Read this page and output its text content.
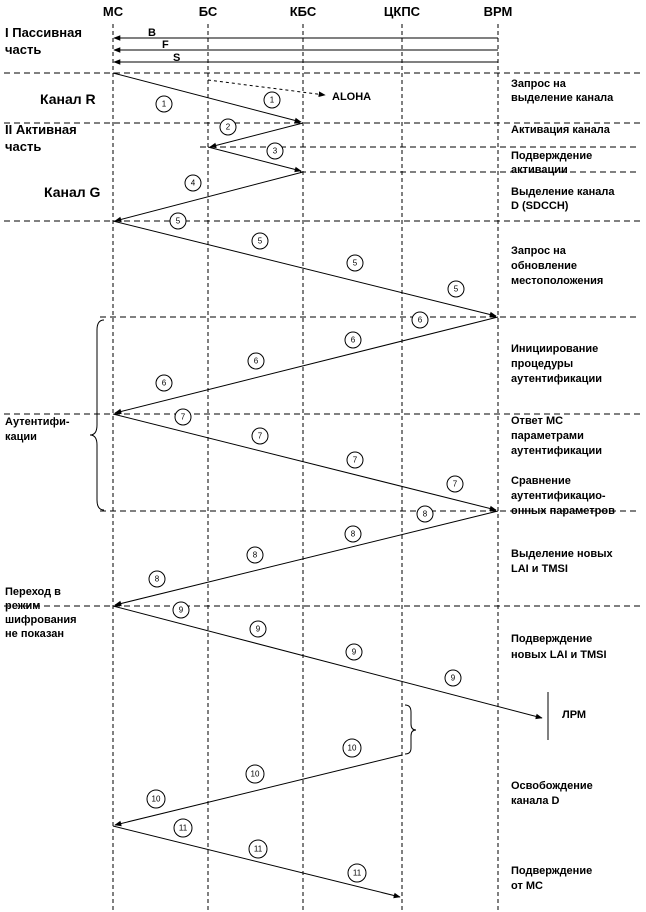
МС	БС	КБС	ЦКПС	ВРМ
B
F
S
ЛРМ
ALOHA
1	1
2
3
4
5
5
5
5
6
6
6
6
7
7
7
7
8
8
8
8
9
9
9
9
10
10
10
11
11
11
I Пассивная
часть
Канал R
II Активная
часть
Канал G
Аутентифи-
кации
Переход в
режим
шифрования
не показан
Запрос на
выделение канала
Активация канала
Подверждение
активации
Выделение канала
D (SDCCH)
Запрос на
обновление
местоположения
Инициирование
процедуры
аутентификации
Ответ МС
параметрами
аутентификации
Сравнение
аутентификацио-
онных параметров
Выделение новых
LAI и TMSI
Подверждение
новых LAI и TMSI
Освобождение
канала D
Подверждение
от МС
